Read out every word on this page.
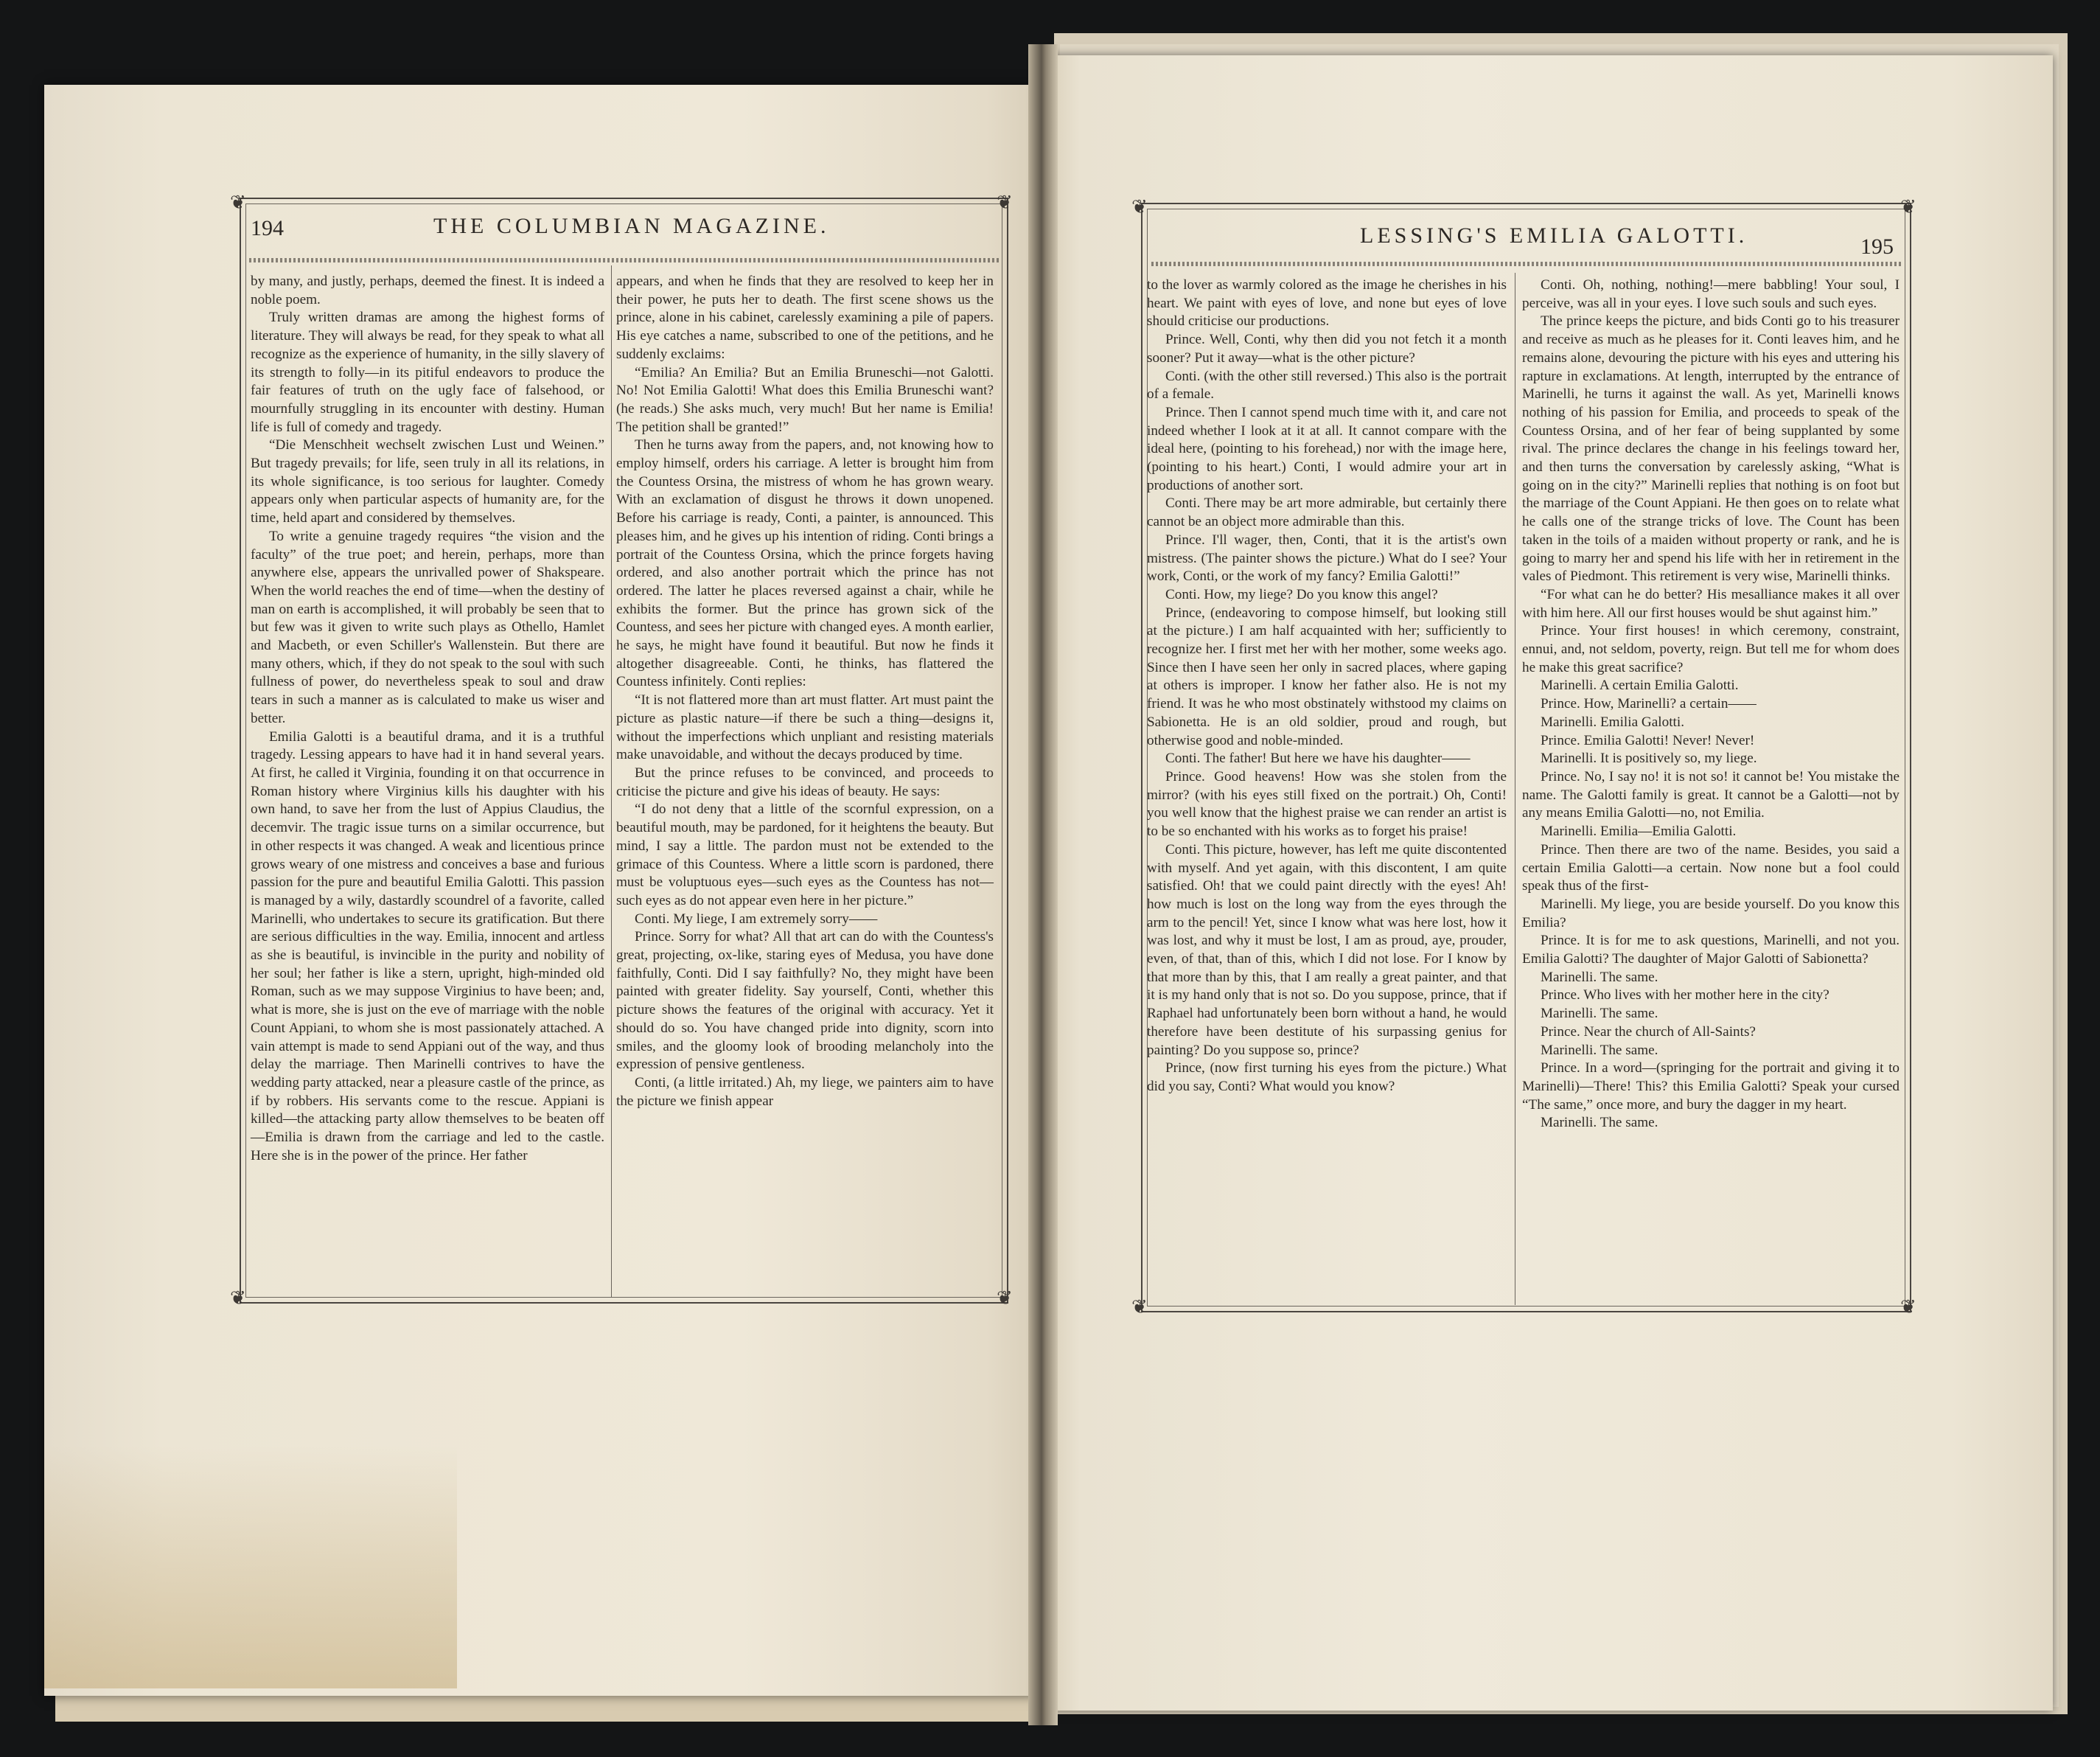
❦	❦
❦	❦
194	THE COLUMBIAN MAGAZINE.

by many, and justly, perhaps, deemed the finest. It is indeed a noble poem.

Truly written dramas are among the highest forms of literature. They will always be read, for they speak to what all recognize as the experience of humanity, in the silly slavery of its strength to folly—in its pitiful endeavors to produce the fair features of truth on the ugly face of falsehood, or mournfully struggling in its encounter with destiny. Human life is full of comedy and tragedy.

“Die Menschheit wechselt zwischen Lust und Weinen.” But tragedy prevails; for life, seen truly in all its relations, in its whole significance, is too serious for laughter. Comedy appears only when particular aspects of humanity are, for the time, held apart and considered by themselves.

To write a genuine tragedy requires “the vision and the faculty” of the true poet; and herein, perhaps, more than anywhere else, appears the unrivalled power of Shakspeare. When the world reaches the end of time—when the destiny of man on earth is accomplished, it will probably be seen that to but few was it given to write such plays as Othello, Hamlet and Macbeth, or even Schiller's Wallenstein. But there are many others, which, if they do not speak to the soul with such fullness of power, do nevertheless speak to soul and draw tears in such a manner as is calculated to make us wiser and better.

Emilia Galotti is a beautiful drama, and it is a truthful tragedy. Lessing appears to have had it in hand several years. At first, he called it Virginia, founding it on that occurrence in Roman history where Virginius kills his daughter with his own hand, to save her from the lust of Appius Claudius, the decemvir. The tragic issue turns on a similar occurrence, but in other respects it was changed. A weak and licentious prince grows weary of one mistress and conceives a base and furious passion for the pure and beautiful Emilia Galotti. This passion is managed by a wily, dastardly scoundrel of a favorite, called Marinelli, who undertakes to secure its gratification. But there are serious difficulties in the way. Emilia, innocent and artless as she is beautiful, is invincible in the purity and nobility of her soul; her father is like a stern, upright, high-minded old Roman, such as we may suppose Virginius to have been; and, what is more, she is just on the eve of marriage with the noble Count Appiani, to whom she is most passionately attached. A vain attempt is made to send Appiani out of the way, and thus delay the marriage. Then Marinelli contrives to have the wedding party attacked, near a pleasure castle of the prince, as if by robbers. His servants come to the rescue. Appiani is killed—the attacking party allow themselves to be beaten off—Emilia is drawn from the carriage and led to the castle. Here she is in the power of the prince. Her father

appears, and when he finds that they are resolved to keep her in their power, he puts her to death. The first scene shows us the prince, alone in his cabinet, carelessly examining a pile of papers. His eye catches a name, subscribed to one of the petitions, and he suddenly exclaims:

“Emilia? An Emilia? But an Emilia Bruneschi—not Galotti. No! Not Emilia Galotti! What does this Emilia Bruneschi want? (he reads.) She asks much, very much! But her name is Emilia! The petition shall be granted!”

Then he turns away from the papers, and, not knowing how to employ himself, orders his carriage. A letter is brought him from the Countess Orsina, the mistress of whom he has grown weary. With an exclamation of disgust he throws it down unopened. Before his carriage is ready, Conti, a painter, is announced. This pleases him, and he gives up his intention of riding. Conti brings a portrait of the Countess Orsina, which the prince forgets having ordered, and also another portrait which the prince has not ordered. The latter he places reversed against a chair, while he exhibits the former. But the prince has grown sick of the Countess, and sees her picture with changed eyes. A month earlier, he says, he might have found it beautiful. But now he finds it altogether disagreeable. Conti, he thinks, has flattered the Countess infinitely. Conti replies:

“It is not flattered more than art must flatter. Art must paint the picture as plastic nature—if there be such a thing—designs it, without the imperfections which unpliant and resisting materials make unavoidable, and without the decays produced by time.

But the prince refuses to be convinced, and proceeds to criticise the picture and give his ideas of beauty. He says:

“I do not deny that a little of the scornful expression, on a beautiful mouth, may be pardoned, for it heightens the beauty. But mind, I say a little. The pardon must not be extended to the grimace of this Countess. Where a little scorn is pardoned, there must be voluptuous eyes—such eyes as the Countess has not—such eyes as do not appear even here in her picture.”

Conti. My liege, I am extremely sorry——

Prince. Sorry for what? All that art can do with the Countess's great, projecting, ox-like, staring eyes of Medusa, you have done faithfully, Conti. Did I say faithfully? No, they might have been painted with greater fidelity. Say yourself, Conti, whether this picture shows the features of the original with accuracy. Yet it should do so. You have changed pride into dignity, scorn into smiles, and the gloomy look of brooding melancholy into the expression of pensive gentleness.

Conti, (a little irritated.) Ah, my liege, we painters aim to have the picture we finish appear

❦	❦
❦	❦
LESSING'S EMILIA GALOTTI.	195

to the lover as warmly colored as the image he cherishes in his heart. We paint with eyes of love, and none but eyes of love should criticise our productions.

Prince. Well, Conti, why then did you not fetch it a month sooner? Put it away—what is the other picture?

Conti. (with the other still reversed.) This also is the portrait of a female.

Prince. Then I cannot spend much time with it, and care not indeed whether I look at it at all. It cannot compare with the ideal here, (pointing to his forehead,) nor with the image here, (pointing to his heart.) Conti, I would admire your art in productions of another sort.

Conti. There may be art more admirable, but certainly there cannot be an object more admirable than this.

Prince. I'll wager, then, Conti, that it is the artist's own mistress. (The painter shows the picture.) What do I see? Your work, Conti, or the work of my fancy? Emilia Galotti!”

Conti. How, my liege? Do you know this angel?

Prince, (endeavoring to compose himself, but looking still at the picture.) I am half acquainted with her; sufficiently to recognize her. I first met her with her mother, some weeks ago. Since then I have seen her only in sacred places, where gaping at others is improper. I know her father also. He is not my friend. It was he who most obstinately withstood my claims on Sabionetta. He is an old soldier, proud and rough, but otherwise good and noble-minded.

Conti. The father! But here we have his daughter——

Prince. Good heavens! How was she stolen from the mirror? (with his eyes still fixed on the portrait.) Oh, Conti! you well know that the highest praise we can render an artist is to be so enchanted with his works as to forget his praise!

Conti. This picture, however, has left me quite discontented with myself. And yet again, with this discontent, I am quite satisfied. Oh! that we could paint directly with the eyes! Ah! how much is lost on the long way from the eyes through the arm to the pencil! Yet, since I know what was here lost, how it was lost, and why it must be lost, I am as proud, aye, prouder, even, of that, than of this, which I did not lose. For I know by that more than by this, that I am really a great painter, and that it is my hand only that is not so. Do you suppose, prince, that if Raphael had unfortunately been born without a hand, he would therefore have been destitute of his surpassing genius for painting? Do you suppose so, prince?

Prince, (now first turning his eyes from the picture.) What did you say, Conti? What would you know?

Conti. Oh, nothing, nothing!—mere babbling! Your soul, I perceive, was all in your eyes. I love such souls and such eyes.

The prince keeps the picture, and bids Conti go to his treasurer and receive as much as he pleases for it. Conti leaves him, and he remains alone, devouring the picture with his eyes and uttering his rapture in exclamations. At length, interrupted by the entrance of Marinelli, he turns it against the wall. As yet, Marinelli knows nothing of his passion for Emilia, and proceeds to speak of the Countess Orsina, and of her fear of being supplanted by some rival. The prince declares the change in his feelings toward her, and then turns the conversation by carelessly asking, “What is going on in the city?” Marinelli replies that nothing is on foot but the marriage of the Count Appiani. He then goes on to relate what he calls one of the strange tricks of love. The Count has been taken in the toils of a maiden without property or rank, and he is going to marry her and spend his life with her in retirement in the vales of Piedmont. This retirement is very wise, Marinelli thinks.

“For what can he do better? His mesalliance makes it all over with him here. All our first houses would be shut against him.”

Prince. Your first houses! in which ceremony, constraint, ennui, and, not seldom, poverty, reign. But tell me for whom does he make this great sacrifice?

Marinelli. A certain Emilia Galotti.

Prince. How, Marinelli? a certain——

Marinelli. Emilia Galotti.

Prince. Emilia Galotti! Never! Never!

Marinelli. It is positively so, my liege.

Prince. No, I say no! it is not so! it cannot be! You mistake the name. The Galotti family is great. It cannot be a Galotti—not by any means Emilia Galotti—no, not Emilia.

Marinelli. Emilia—Emilia Galotti.

Prince. Then there are two of the name. Besides, you said a certain Emilia Galotti—a certain. Now none but a fool could speak thus of the first-

Marinelli. My liege, you are beside yourself. Do you know this Emilia?

Prince. It is for me to ask questions, Marinelli, and not you. Emilia Galotti? The daughter of Major Galotti of Sabionetta?

Marinelli. The same.

Prince. Who lives with her mother here in the city?

Marinelli. The same.

Prince. Near the church of All-Saints?

Marinelli. The same.

Prince. In a word—(springing for the portrait and giving it to Marinelli)—There! This? this Emilia Galotti? Speak your cursed “The same,” once more, and bury the dagger in my heart.

Marinelli. The same.
